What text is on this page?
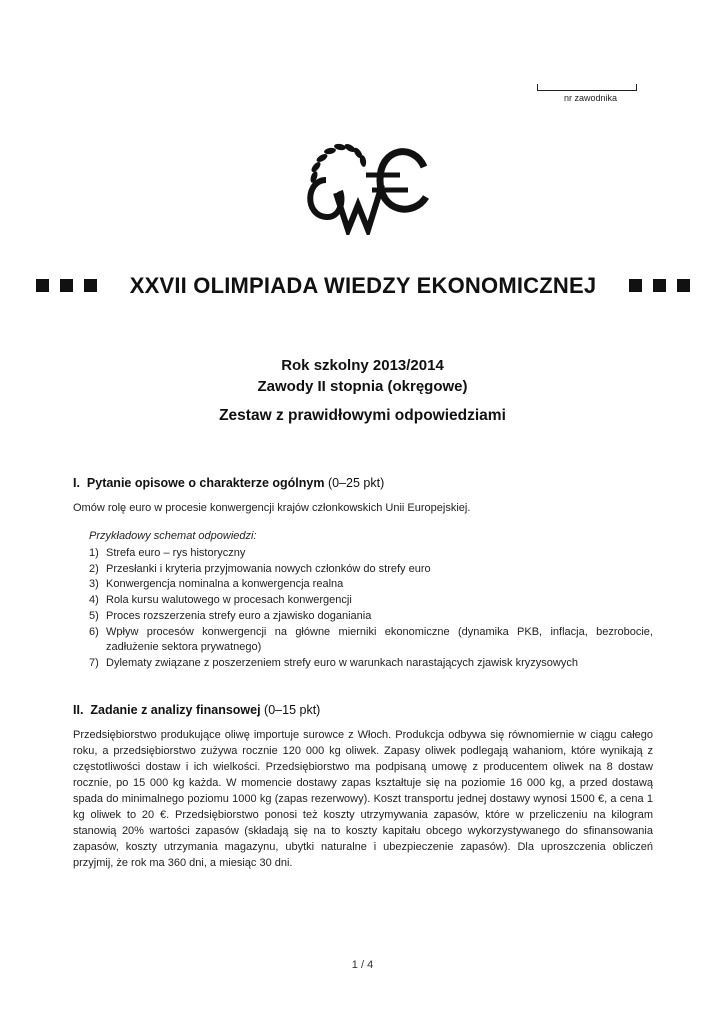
nr zawodnika
XXVII OLIMPIADA WIEDZY EKONOMICZNEJ
Rok szkolny 2013/2014
Zawody II stopnia (okręgowe)
Zestaw z prawidłowymi odpowiedziami
I. Pytanie opisowe o charakterze ogólnym (0–25 pkt)
Omów rolę euro w procesie konwergencji krajów członkowskich Unii Europejskiej.
Przykładowy schemat odpowiedzi:
1) Strefa euro – rys historyczny
2) Przesłanki i kryteria przyjmowania nowych członków do strefy euro
3) Konwergencja nominalna a konwergencja realna
4) Rola kursu walutowego w procesach konwergencji
5) Proces rozszerzenia strefy euro a zjawisko doganiania
6) Wpływ procesów konwergencji na główne mierniki ekonomiczne (dynamika PKB, inflacja, bezrobocie, zadłużenie sektora prywatnego)
7) Dylematy związane z poszerzeniem strefy euro w warunkach narastających zjawisk kryzysowych
II. Zadanie z analizy finansowej (0–15 pkt)
Przedsiębiorstwo produkujące oliwę importuje surowce z Włoch. Produkcja odbywa się równomiernie w ciągu całego roku, a przedsiębiorstwo zużywa rocznie 120 000 kg oliwek. Zapasy oliwek podlegają wahaniom, które wynikają z częstotliwości dostaw i ich wielkości. Przedsiębiorstwo ma podpisaną umowę z producentem oliwek na 8 dostaw rocznie, po 15 000 kg każda. W momencie dostawy zapas kształtuje się na poziomie 16 000 kg, a przed dostawą spada do minimalnego poziomu 1000 kg (zapas rezerwowy). Koszt transportu jednej dostawy wynosi 1500 €, a cena 1 kg oliwek to 20 €. Przedsiębiorstwo ponosi też koszty utrzymywania zapasów, które w przeliczeniu na kilogram stanowią 20% wartości zapasów (składają się na to koszty kapitału obcego wykorzystywanego do sfinansowania zapasów, koszty utrzymania magazynu, ubytki naturalne i ubezpieczenie zapasów). Dla uproszczenia obliczeń przyjmij, że rok ma 360 dni, a miesiąc 30 dni.
1 / 4
